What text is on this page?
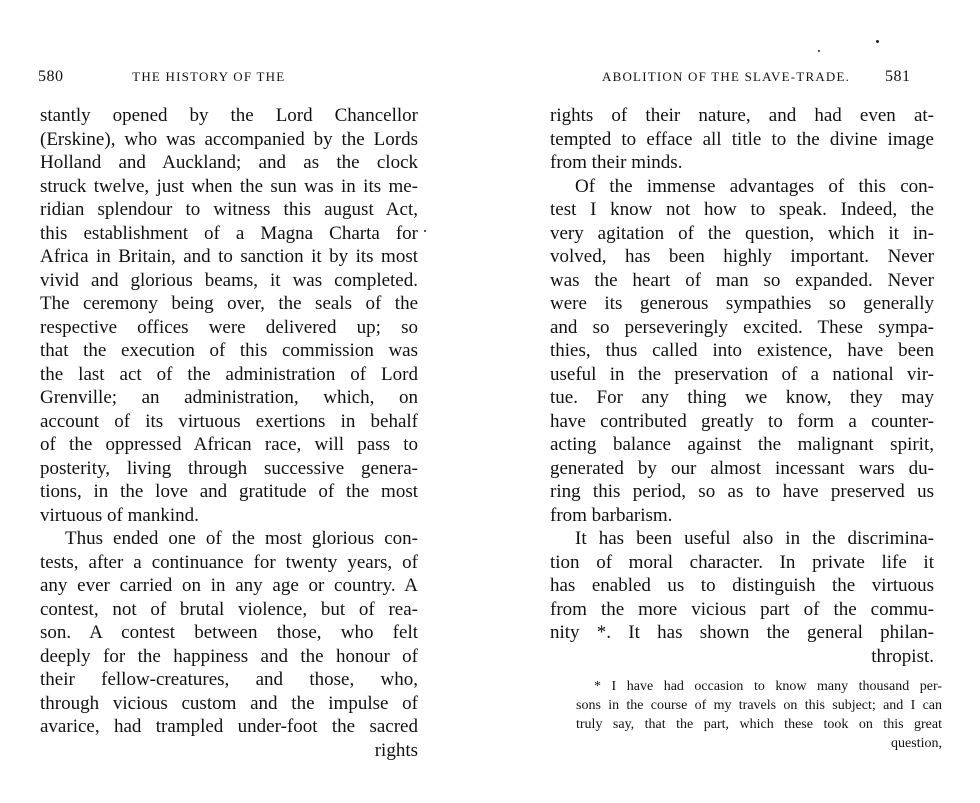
580	THE HISTORY OF THE
stantly opened by the Lord Chancellor
(Erskine), who was accompanied by the Lords
Holland and Auckland; and as the clock
struck twelve, just when the sun was in its me-
ridian splendour to witness this august Act,
this establishment of a Magna Charta for
Africa in Britain, and to sanction it by its most
vivid and glorious beams, it was completed.
The ceremony being over, the seals of the
respective offices were delivered up; so
that the execution of this commission was
the last act of the administration of Lord
Grenville; an administration, which, on
account of its virtuous exertions in behalf
of the oppressed African race, will pass to
posterity, living through successive genera-
tions, in the love and gratitude of the most
virtuous of mankind.
Thus ended one of the most glorious con-
tests, after a continuance for twenty years, of
any ever carried on in any age or country. A
contest, not of brutal violence, but of rea-
son. A contest between those, who felt
deeply for the happiness and the honour of
their fellow-creatures, and those, who,
through vicious custom and the impulse of
avarice, had trampled under-foot the sacred
rights
ABOLITION OF THE SLAVE-TRADE. 581
rights of their nature, and had even at-
tempted to efface all title to the divine image
from their minds.
Of the immense advantages of this con-
test I know not how to speak. Indeed, the
very agitation of the question, which it in-
volved, has been highly important. Never
was the heart of man so expanded. Never
were its generous sympathies so generally
and so perseveringly excited. These sympa-
thies, thus called into existence, have been
useful in the preservation of a national vir-
tue. For any thing we know, they may
have contributed greatly to form a counter-
acting balance against the malignant spirit,
generated by our almost incessant wars du-
ring this period, so as to have preserved us
from barbarism.
It has been useful also in the discrimina-
tion of moral character. In private life it
has enabled us to distinguish the virtuous
from the more vicious part of the commu-
nity *. It has shown the general philan-
thropist.
* I have had occasion to know many thousand per-
sons in the course of my travels on this subject; and I can
truly say, that the part, which these took on this great
question,
